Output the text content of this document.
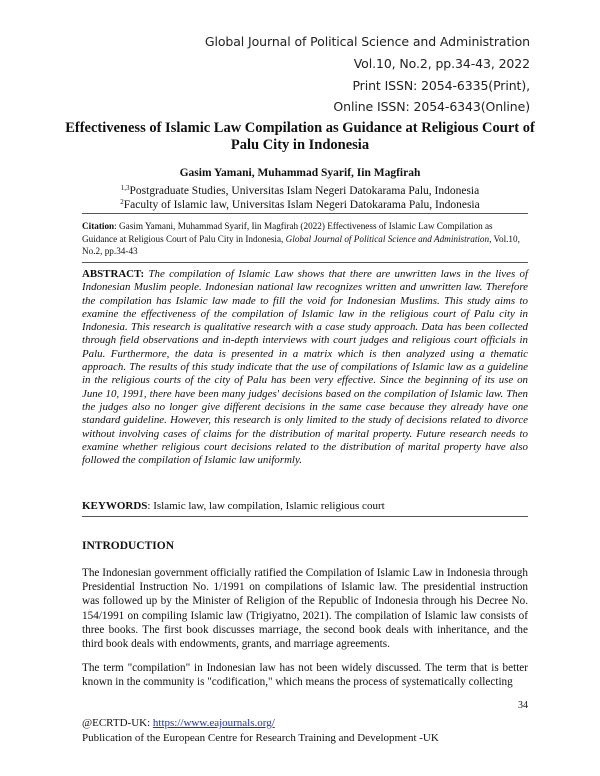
Global Journal of Political Science and Administration
Vol.10, No.2, pp.34-43, 2022
Print ISSN: 2054-6335(Print),
Online ISSN: 2054-6343(Online)
Effectiveness of Islamic Law Compilation as Guidance at Religious Court of Palu City in Indonesia
Gasim Yamani, Muhammad Syarif, Iin Magfirah
$^{1,3}$Postgraduate Studies, Universitas Islam Negeri Datokarama Palu, Indonesia
$^2$Faculty of Islamic law, Universitas Islam Negeri Datokarama Palu, Indonesia
Citation: Gasim Yamani, Muhammad Syarif, Iin Magfirah (2022) Effectiveness of Islamic Law Compilation as Guidance at Religious Court of Palu City in Indonesia, Global Journal of Political Science and Administration, Vol.10, No.2, pp.34-43
ABSTRACT: The compilation of Islamic Law shows that there are unwritten laws in the lives of Indonesian Muslim people. Indonesian national law recognizes written and unwritten law. Therefore the compilation has Islamic law made to fill the void for Indonesian Muslims. This study aims to examine the effectiveness of the compilation of Islamic law in the religious court of Palu city in Indonesia. This research is qualitative research with a case study approach. Data has been collected through field observations and in-depth interviews with court judges and religious court officials in Palu. Furthermore, the data is presented in a matrix which is then analyzed using a thematic approach. The results of this study indicate that the use of compilations of Islamic law as a guideline in the religious courts of the city of Palu has been very effective. Since the beginning of its use on June 10, 1991, there have been many judges' decisions based on the compilation of Islamic law. Then the judges also no longer give different decisions in the same case because they already have one standard guideline. However, this research is only limited to the study of decisions related to divorce without involving cases of claims for the distribution of marital property. Future research needs to examine whether religious court decisions related to the distribution of marital property have also followed the compilation of Islamic law uniformly.
KEYWORDS: Islamic law, law compilation, Islamic religious court
INTRODUCTION
The Indonesian government officially ratified the Compilation of Islamic Law in Indonesia through Presidential Instruction No. 1/1991 on compilations of Islamic law. The presidential instruction was followed up by the Minister of Religion of the Republic of Indonesia through his Decree No. 154/1991 on compiling Islamic law (Trigiyatno, 2021). The compilation of Islamic law consists of three books. The first book discusses marriage, the second book deals with inheritance, and the third book deals with endowments, grants, and marriage agreements.
The term "compilation" in Indonesian law has not been widely discussed. The term that is better known in the community is "codification," which means the process of systematically collecting
34
@ECRTD-UK: https://www.eajournals.org/
Publication of the European Centre for Research Training and Development -UK
